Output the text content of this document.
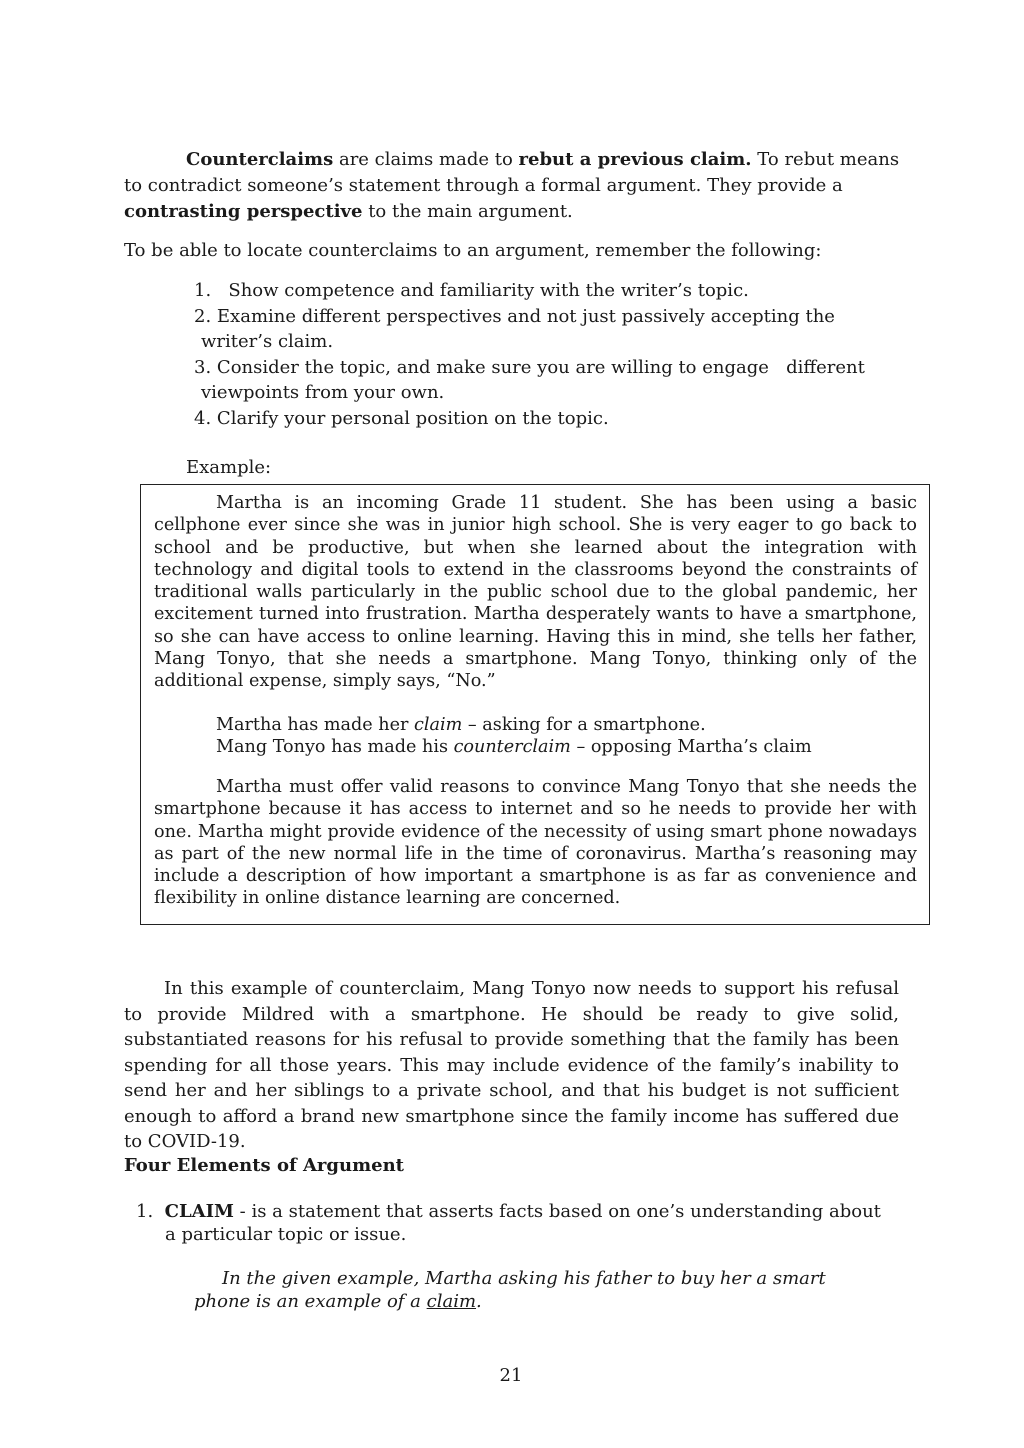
Counterclaims are claims made to rebut a previous claim. To rebut means to contradict someone’s statement through a formal argument. They provide a contrasting perspective to the main argument.

To be able to locate counterclaims to an argument, remember the following:

1. Show competence and familiarity with the writer’s topic.
2. Examine different perspectives and not just passively accepting the
writer’s claim.
3. Consider the topic, and make sure you are willing to engage   different
viewpoints from your own.
4. Clarify your personal position on the topic.

Example:

Martha is an incoming Grade 11 student. She has been using a basic cellphone ever since she was in junior high school. She is very eager to go back to school and be productive, but when she learned about the integration with technology and digital tools to extend in the classrooms beyond the constraints of traditional walls particularly in the public school due to the global pandemic, her excitement turned into frustration. Martha desperately wants to have a smartphone, so she can have access to online learning. Having this in mind, she tells her father, Mang Tonyo, that she needs a smartphone. Mang Tonyo, thinking only of the additional expense, simply says, “No.”

Martha has made her claim – asking for a smartphone.
Mang Tonyo has made his counterclaim – opposing Martha’s claim

Martha must offer valid reasons to convince Mang Tonyo that she needs the smartphone because it has access to internet and so he needs to provide her with one. Martha might provide evidence of the necessity of using smart phone nowadays as part of the new normal life in the time of coronavirus. Martha’s reasoning may include a description of how important a smartphone is as far as convenience and flexibility in online distance learning are concerned.

In this example of counterclaim, Mang Tonyo now needs to support his refusal to provide Mildred with a smartphone. He should be ready to give solid, substantiated reasons for his refusal to provide something that the family has been spending for all those years. This may include evidence of the family’s inability to send her and her siblings to a private school, and that his budget is not sufficient enough to afford a brand new smartphone since the family income has suffered due to COVID-19.

Four Elements of Argument

1. CLAIM - is a statement that asserts facts based on one’s understanding about
a particular topic or issue.
In the given example, Martha asking his father to buy her a smart
phone is an example of a claim.

21
